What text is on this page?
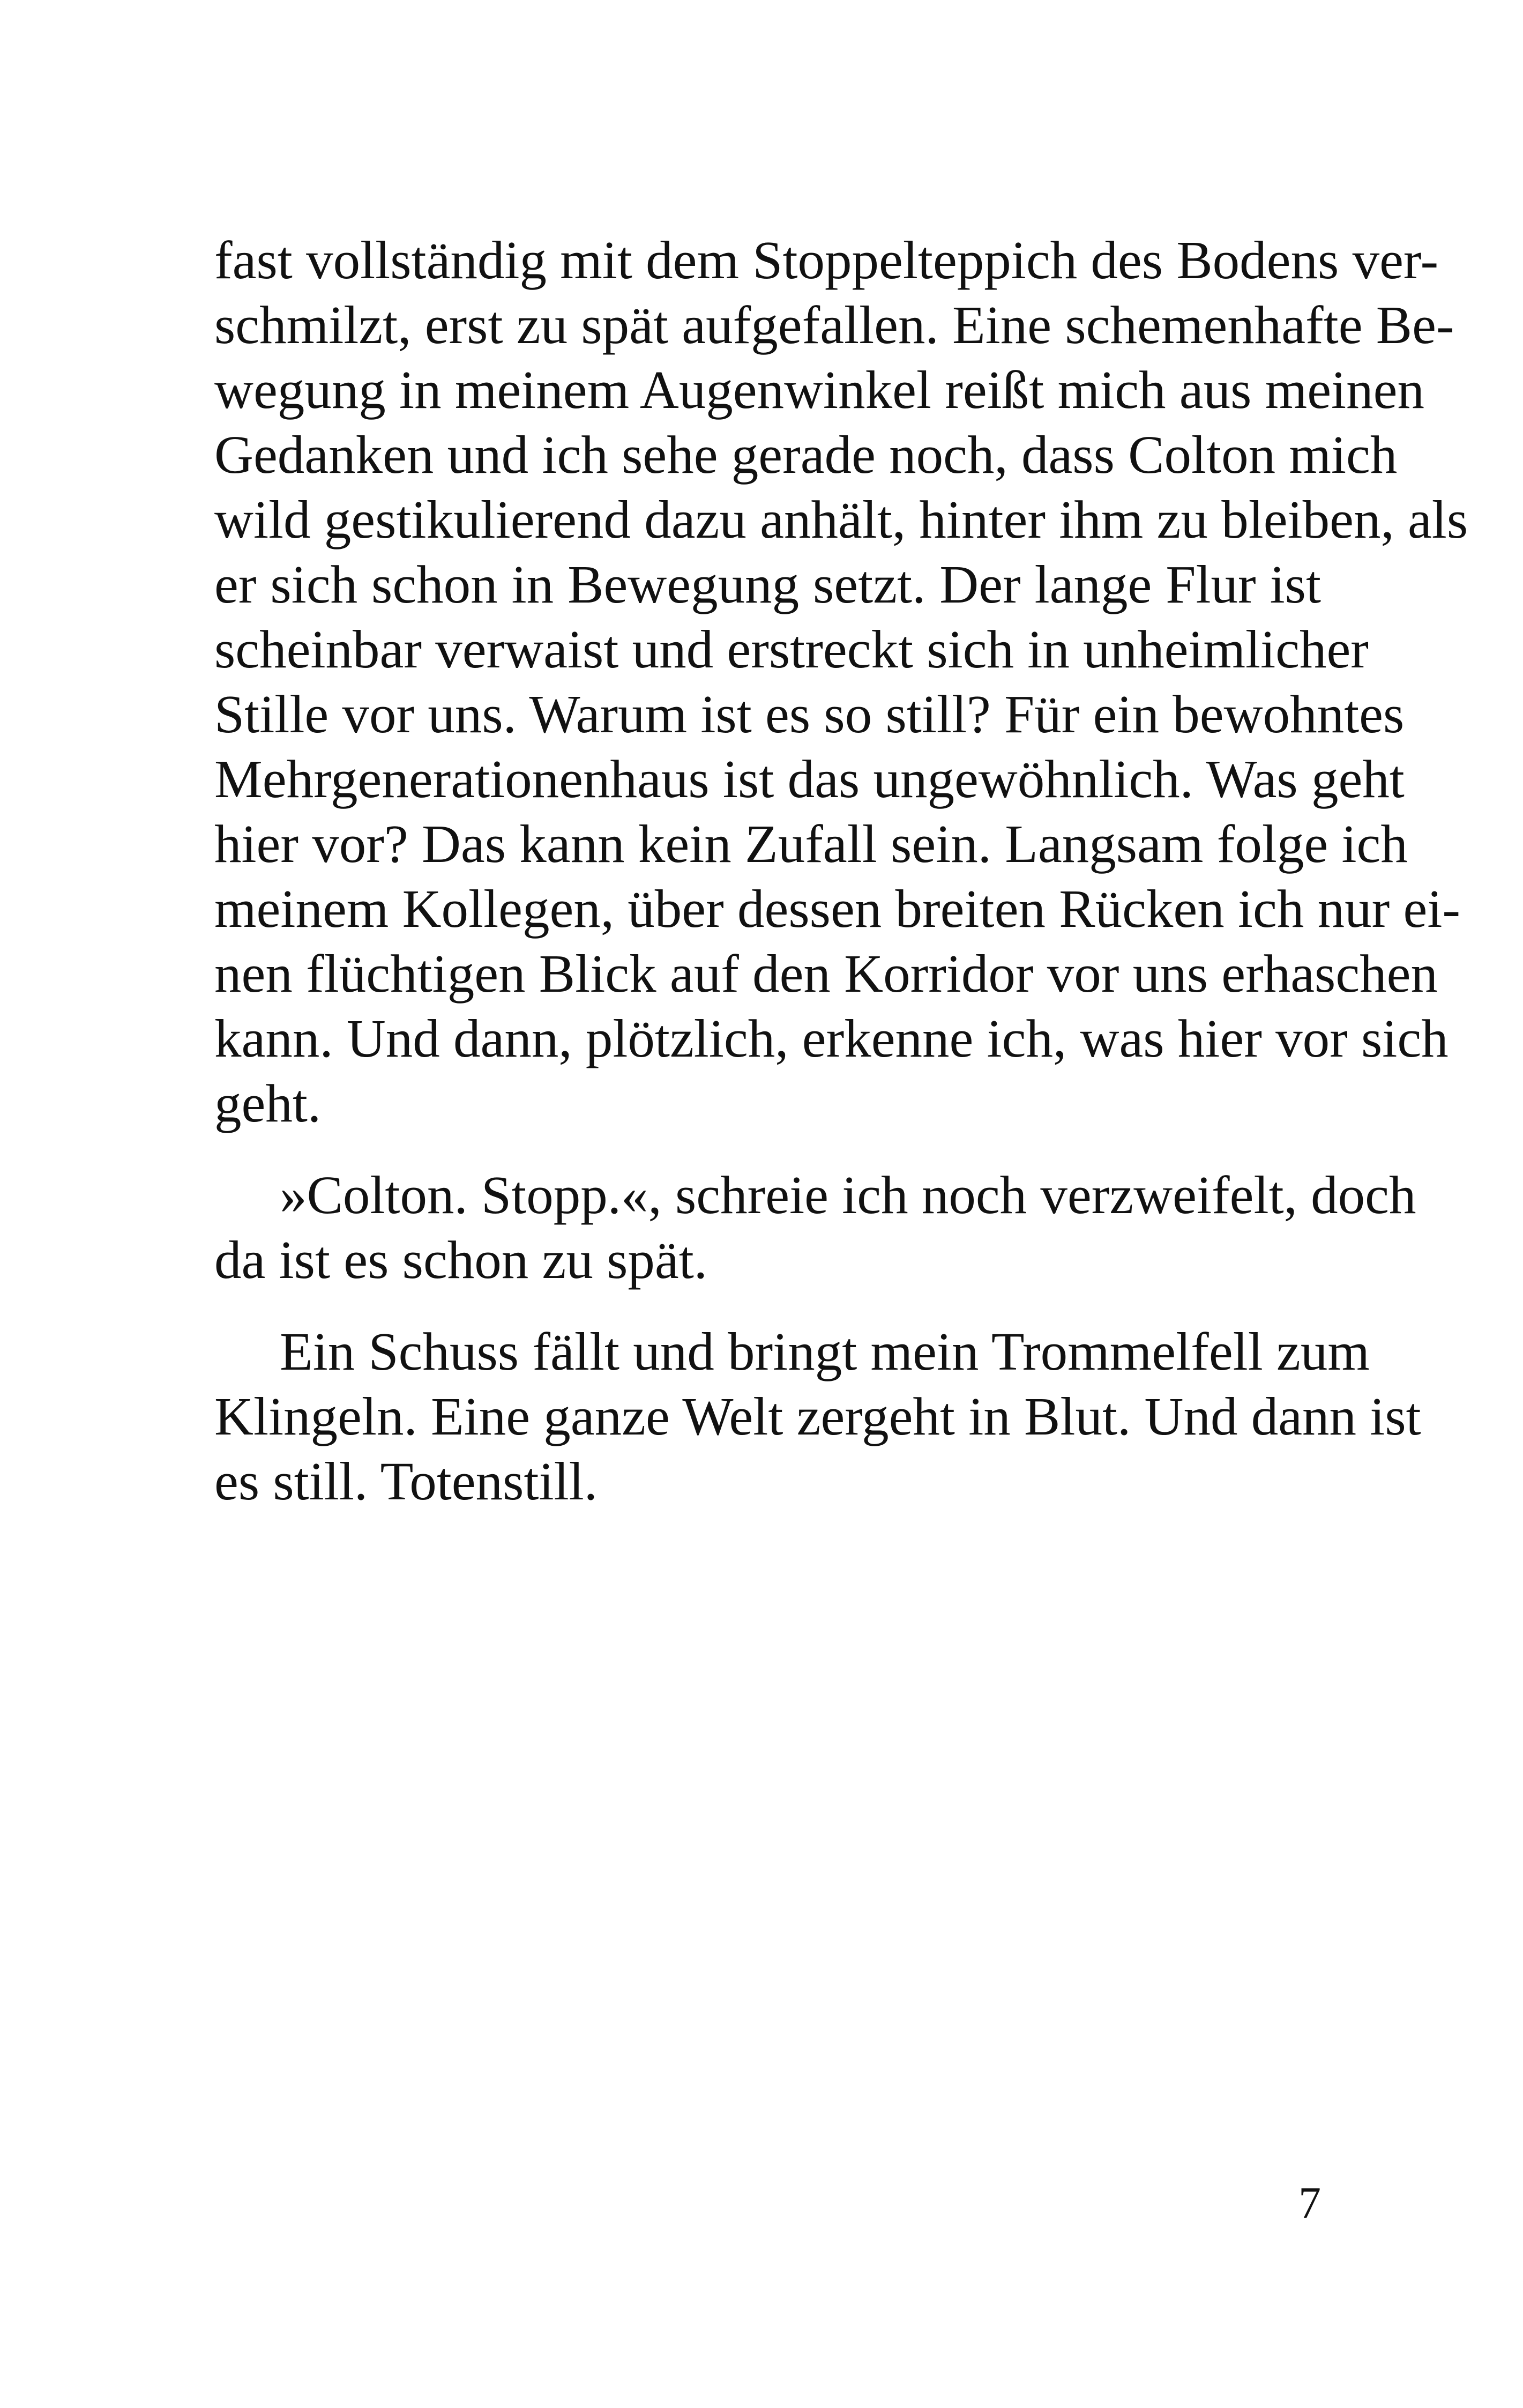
fast vollständig mit dem Stoppelteppich des Bodens ver-
schmilzt, erst zu spät aufgefallen. Eine schemenhafte Be-
wegung in meinem Augenwinkel reißt mich aus meinen
Gedanken und ich sehe gerade noch, dass Colton mich
wild gestikulierend dazu anhält, hinter ihm zu bleiben, als
er sich schon in Bewegung setzt. Der lange Flur ist
scheinbar verwaist und erstreckt sich in unheimlicher
Stille vor uns. Warum ist es so still? Für ein bewohntes
Mehrgenerationenhaus ist das ungewöhnlich. Was geht
hier vor? Das kann kein Zufall sein. Langsam folge ich
meinem Kollegen, über dessen breiten Rücken ich nur ei-
nen flüchtigen Blick auf den Korridor vor uns erhaschen
kann. Und dann, plötzlich, erkenne ich, was hier vor sich
geht.
»Colton. Stopp.«, schreie ich noch verzweifelt, doch
da ist es schon zu spät.
Ein Schuss fällt und bringt mein Trommelfell zum
Klingeln. Eine ganze Welt zergeht in Blut. Und dann ist
es still. Totenstill.
7
